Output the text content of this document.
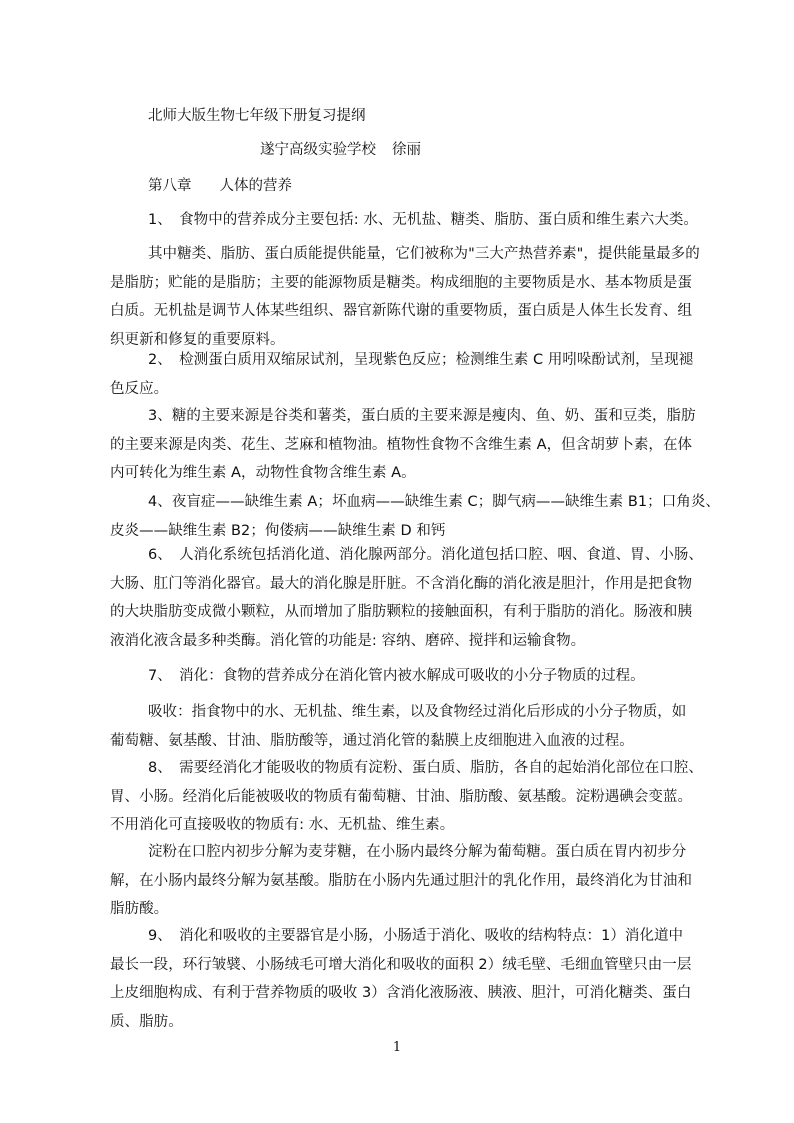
北师大版生物七年级下册复习提纲
遂宁高级实验学校 徐丽
第八章 人体的营养
1、　食物中的营养成分主要包括: 水、无机盐、糖类、脂肪、蛋白质和维生素六大类。
其中糖类、脂肪、蛋白质能提供能量，它们被称为"三大产热营养素"，提供能量最多的
是脂肪；贮能的是脂肪；主要的能源物质是糖类。构成细胞的主要物质是水、基本物质是蛋
白质。无机盐是调节人体某些组织、器官新陈代谢的重要物质，蛋白质是人体生长发育、组
织更新和修复的重要原料。
2、　检测蛋白质用双缩尿试剂，呈现紫色反应；检测维生素 C 用吲哚酚试剂，呈现褪
色反应。
3、糖的主要来源是谷类和薯类，蛋白质的主要来源是瘦肉、鱼、奶、蛋和豆类，脂肪
的主要来源是肉类、花生、芝麻和植物油。植物性食物不含维生素 A，但含胡萝卜素，在体
内可转化为维生素 A，动物性食物含维生素 A。
4、夜盲症——缺维生素 A；坏血病——缺维生素 C；脚气病——缺维生素 B1；口角炎、
皮炎——缺维生素 B2；佝偻病——缺维生素 D 和钙
6、　人消化系统包括消化道、消化腺两部分。消化道包括口腔、咽、食道、胃、小肠、
大肠、肛门等消化器官。最大的消化腺是肝脏。不含消化酶的消化液是胆汁，作用是把食物
的大块脂肪变成微小颗粒，从而增加了脂肪颗粒的接触面积，有利于脂肪的消化。肠液和胰
液消化液含最多种类酶。消化管的功能是: 容纳、磨碎、搅拌和运输食物。
7、　消化：食物的营养成分在消化管内被水解成可吸收的小分子物质的过程。
吸收：指食物中的水、无机盐、维生素，以及食物经过消化后形成的小分子物质，如
葡萄糖、氨基酸、甘油、脂肪酸等，通过消化管的黏膜上皮细胞进入血液的过程。
8、　需要经消化才能吸收的物质有淀粉、蛋白质、脂肪，各自的起始消化部位在口腔、
胃、小肠。经消化后能被吸收的物质有葡萄糖、甘油、脂肪酸、氨基酸。淀粉遇碘会变蓝。
不用消化可直接吸收的物质有: 水、无机盐、维生素。
淀粉在口腔内初步分解为麦芽糖，在小肠内最终分解为葡萄糖。蛋白质在胃内初步分
解，在小肠内最终分解为氨基酸。脂肪在小肠内先通过胆汁的乳化作用，最终消化为甘油和
脂肪酸。
9、　消化和吸收的主要器官是小肠，小肠适于消化、吸收的结构特点：1）消化道中
最长一段，环行皱襞、小肠绒毛可增大消化和吸收的面积 2）绒毛壁、毛细血管壁只由一层
上皮细胞构成、有利于营养物质的吸收 3）含消化液肠液、胰液、胆汁，可消化糖类、蛋白
质、脂肪。
1
